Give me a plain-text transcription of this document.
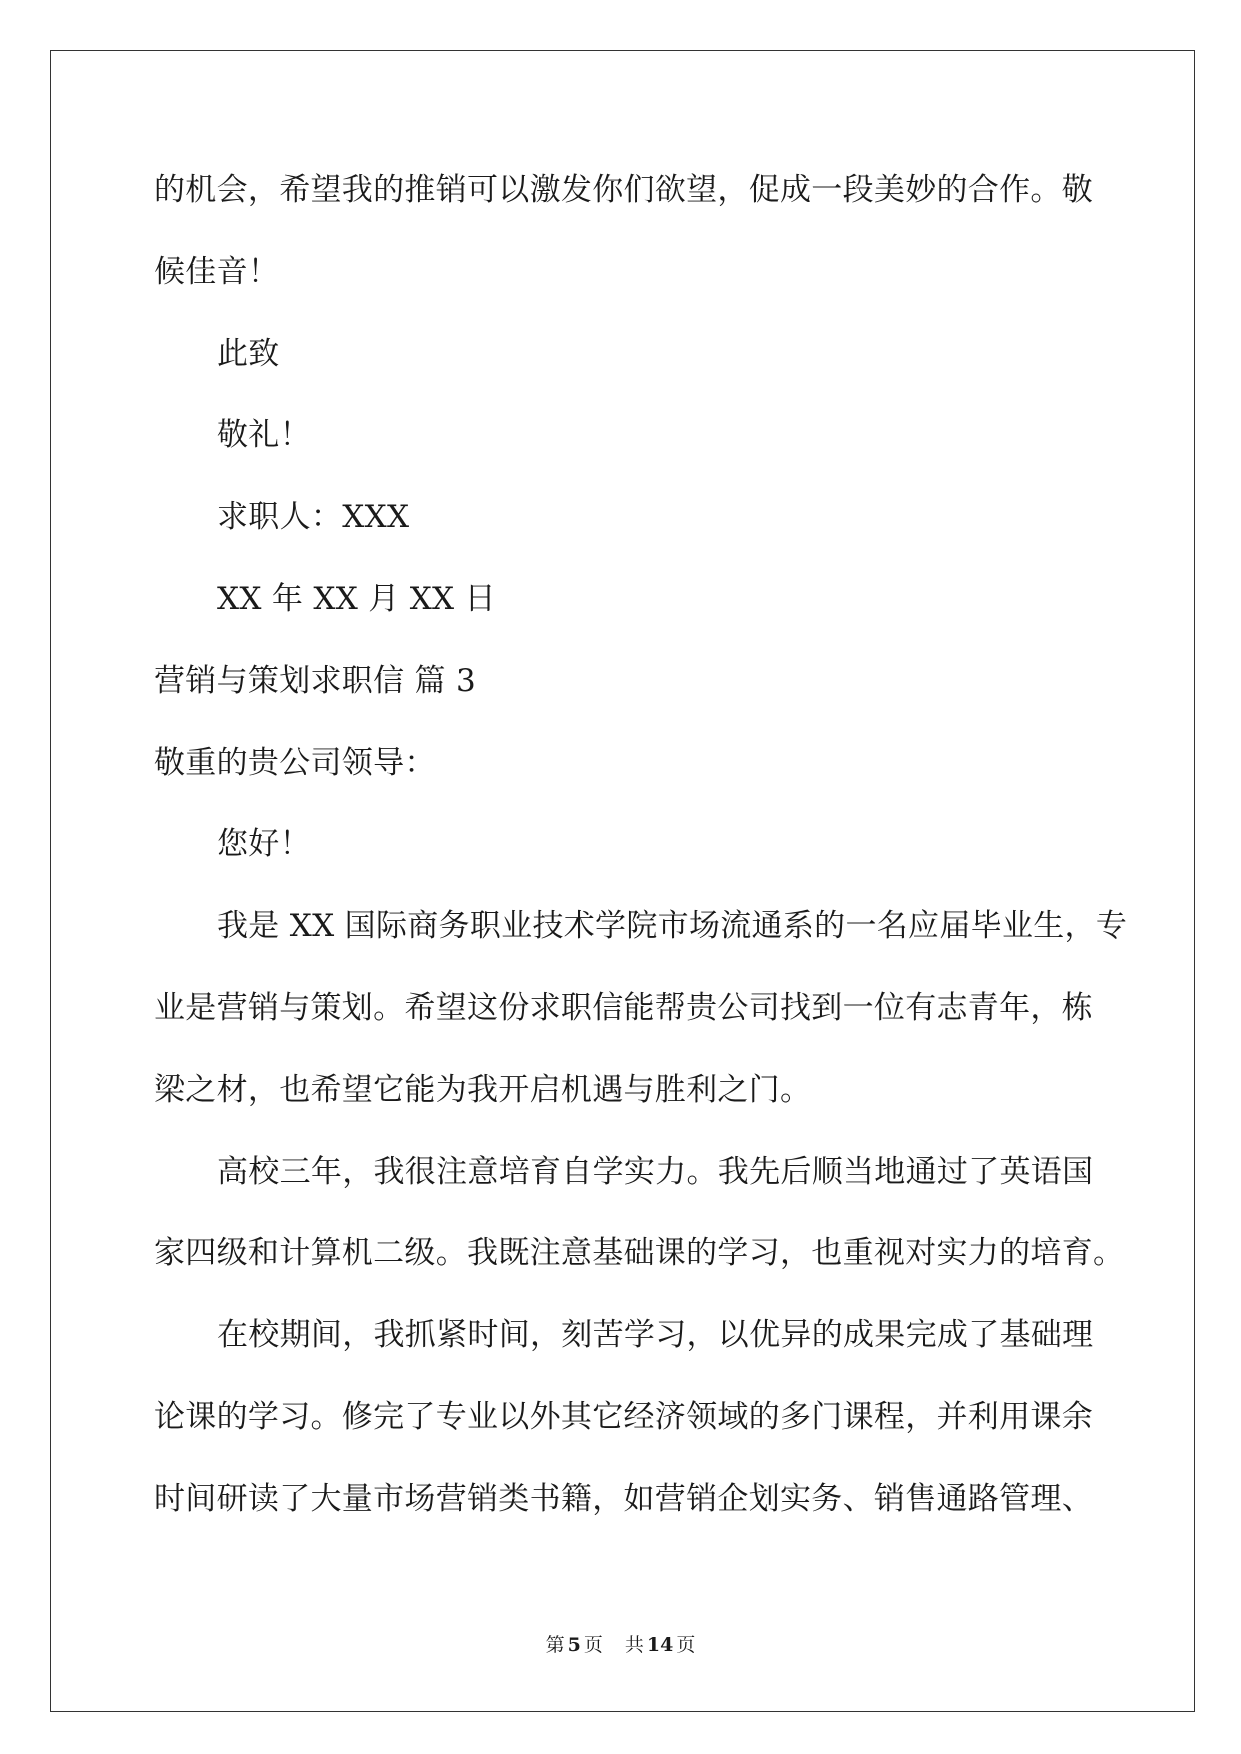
的机会，希望我的推销可以激发你们欲望，促成一段美妙的合作。敬
候佳音！
此致
敬礼！
求职人：XXX
XX 年 XX 月 XX 日
营销与策划求职信 篇 3
敬重的贵公司领导：
您好！
我是 XX 国际商务职业技术学院市场流通系的一名应届毕业生，专
业是营销与策划。希望这份求职信能帮贵公司找到一位有志青年，栋
梁之材，也希望它能为我开启机遇与胜利之门。
高校三年，我很注意培育自学实力。我先后顺当地通过了英语国
家四级和计算机二级。我既注意基础课的学习，也重视对实力的培育。
在校期间，我抓紧时间，刻苦学习，以优异的成果完成了基础理
论课的学习。修完了专业以外其它经济领域的多门课程，并利用课余
时间研读了大量市场营销类书籍，如营销企划实务、销售通路管理、
第 5 页 共 14 页
